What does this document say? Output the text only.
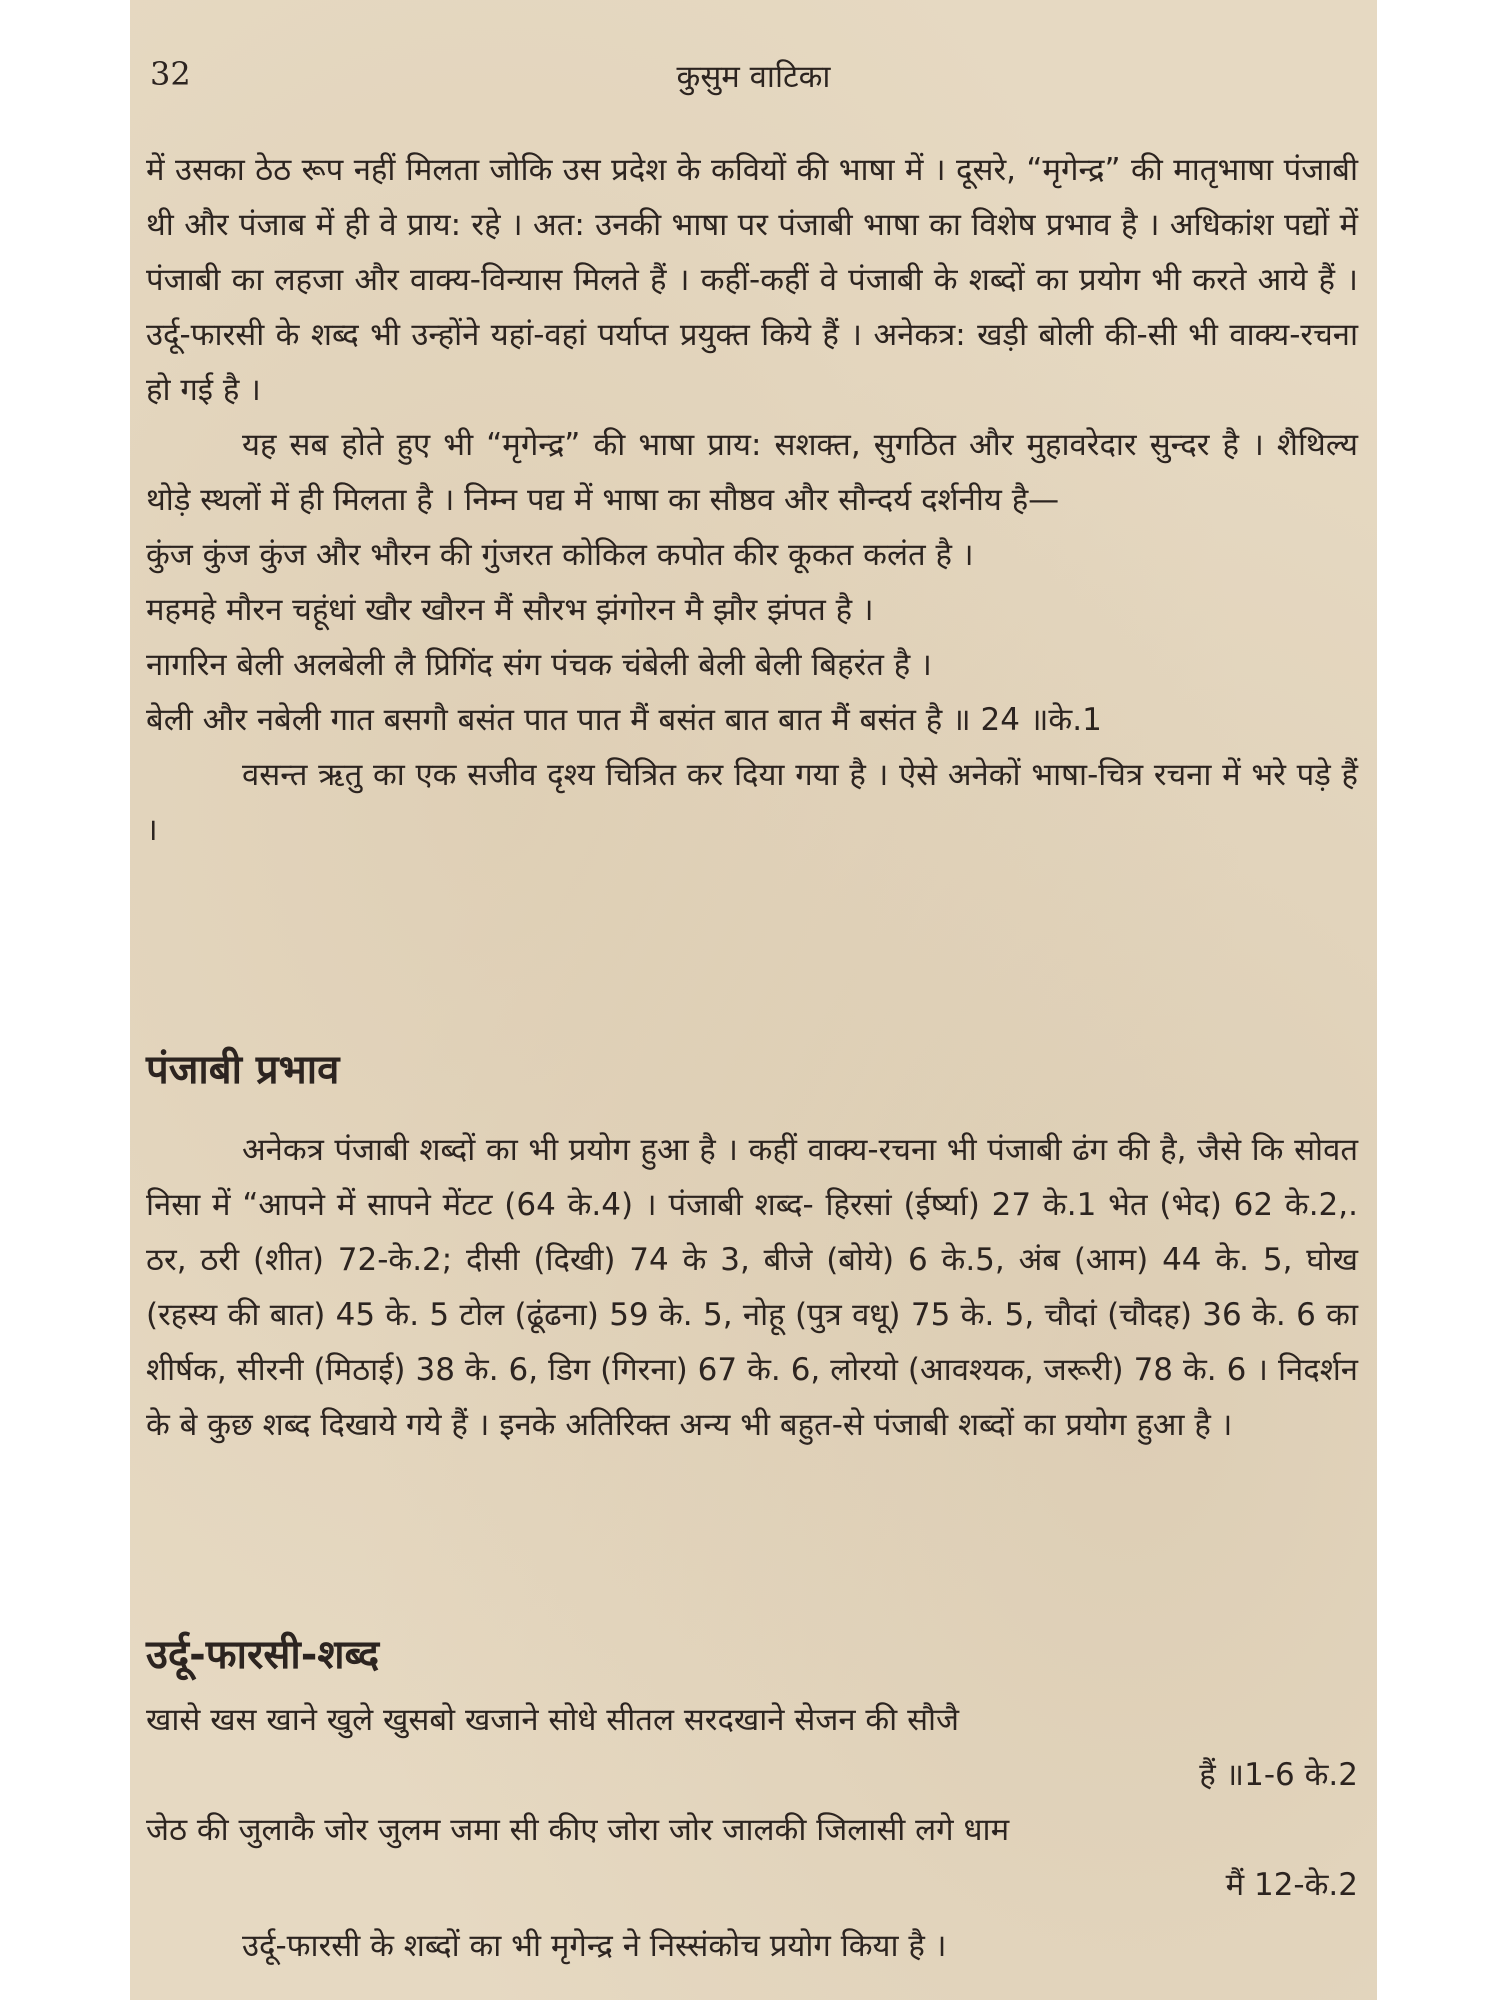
32	कुसुम वाटिका

में उसका ठेठ रूप नहीं मिलता जोकि उस प्रदेश के कवियों की भाषा में । दूसरे, “मृगेन्द्र” की मातृभाषा पंजाबी थी और पंजाब में ही वे प्राय: रहे । अत: उनकी भाषा पर पंजाबी भाषा का विशेष प्रभाव है । अधिकांश पद्यों में पंजाबी का लहजा और वाक्य-विन्यास मिलते हैं । कहीं-कहीं वे पंजाबी के शब्दों का प्रयोग भी करते आये हैं । उर्दू-फारसी के शब्द भी उन्होंने यहां-वहां पर्याप्त प्रयुक्त किये हैं । अनेकत्र: खड़ी बोली की-सी भी वाक्य-रचना हो गई है ।

यह सब होते हुए भी “मृगेन्द्र” की भाषा प्राय: सशक्त, सुगठित और मुहावरेदार सुन्दर है । शैथिल्य थोड़े स्थलों में ही मिलता है । निम्न पद्य में भाषा का सौष्ठव और सौन्दर्य दर्शनीय है—

कुंज कुंज कुंज और भौरन की गुंजरत कोकिल कपोत कीर कूकत कलंत है ।
महमहे मौरन चहूंधां खौर खौरन मैं सौरभ झंगोरन मै झौर झंपत है ।
नागरिन बेली अलबेली लै प्रिगिंद संग पंचक चंबेली बेली बेली बिहरंत है ।
बेली और नबेली गात बसगौ बसंत पात पात मैं बसंत बात बात मैं बसंत है ॥ 24 ॥के.1

वसन्त ऋतु का एक सजीव दृश्य चित्रित कर दिया गया है । ऐसे अनेकों भाषा-चित्र रचना में भरे पड़े हैं ।

पंजाबी प्रभाव

अनेकत्र पंजाबी शब्दों का भी प्रयोग हुआ है । कहीं वाक्य-रचना भी पंजाबी ढंग की है, जैसे कि सोवत निसा में “आपने में सापने मेंटट (64 के.4) । पंजाबी शब्द- हिरसां (ईर्ष्या) 27 के.1 भेत (भेद) 62 के.2,. ठर, ठरी (शीत) 72-के.2; दीसी (दिखी) 74 के 3, बीजे (बोये) 6 के.5, अंब (आम) 44 के. 5, घोख (रहस्य की बात) 45 के. 5 टोल (ढूंढना) 59 के. 5, नोहू (पुत्र वधू) 75 के. 5, चौदां (चौदह) 36 के. 6 का शीर्षक, सीरनी (मिठाई) 38 के. 6, डिग (गिरना) 67 के. 6, लोरयो (आवश्यक, जरूरी) 78 के. 6 । निदर्शन के बे कुछ शब्द दिखाये गये हैं । इनके अतिरिक्त अन्य भी बहुत-से पंजाबी शब्दों का प्रयोग हुआ है ।

उर्दू-फारसी-शब्द
खासे खस खाने खुले खुसबो खजाने सोधे सीतल सरदखाने सेजन की सौजै
हैं ॥1-6 के.2
जेठ की जुलाकै जोर जुलम जमा सी कीए जोरा जोर जालकी जिलासी लगे धाम
मैं 12-के.2

उर्दू-फारसी के शब्दों का भी मृगेन्द्र ने निस्संकोच प्रयोग किया है ।
